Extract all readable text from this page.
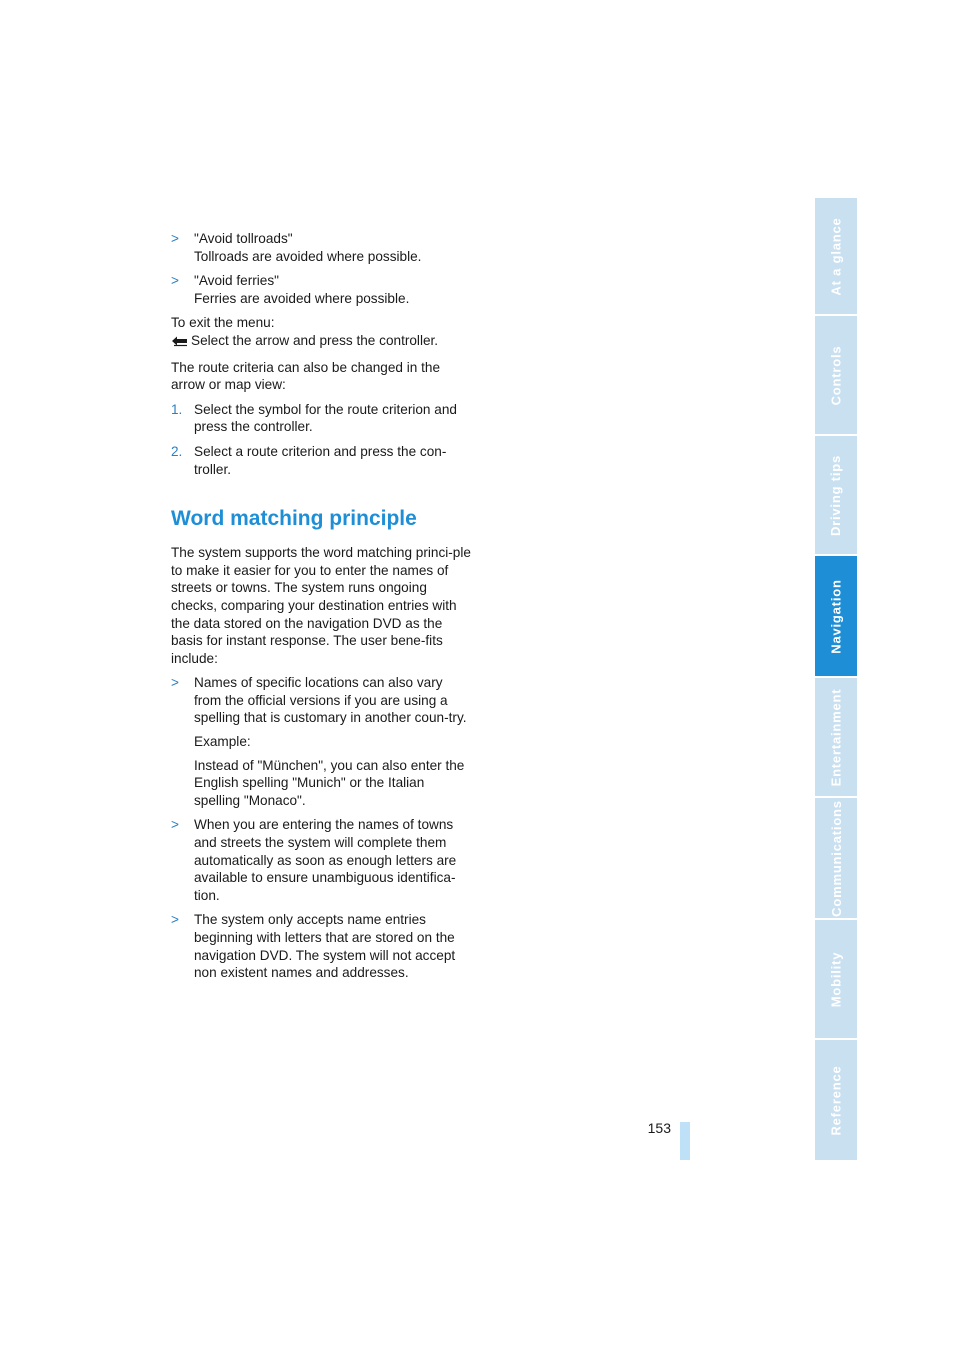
> "Avoid tollroads"
Tollroads are avoided where possible.
> "Avoid ferries"
Ferries are avoided where possible.

To exit the menu:

Select the arrow and press the controller.

The route criteria can also be changed in the arrow or map view:

1. Select the symbol for the route criterion and press the controller.
2. Select a route criterion and press the con-troller.
Word matching principle

The system supports the word matching princi-ple to make it easier for you to enter the names of streets or towns. The system runs ongoing checks, comparing your destination entries with the data stored on the navigation DVD as the basis for instant response. The user bene-fits include:

> Names of specific locations can also vary from the official versions if you are using a spelling that is customary in another coun-try.
Example:
Instead of "München", you can also enter the English spelling "Munich" or the Italian spelling "Monaco".
> When you are entering the names of towns and streets the system will complete them automatically as soon as enough letters are available to ensure unambiguous identifica-tion.
> The system only accepts name entries beginning with letters that are stored on the navigation DVD. The system will not accept non existent names and addresses.
153
At a glance
Controls
Driving tips
Navigation
Entertainment
Communications
Mobility
Reference
